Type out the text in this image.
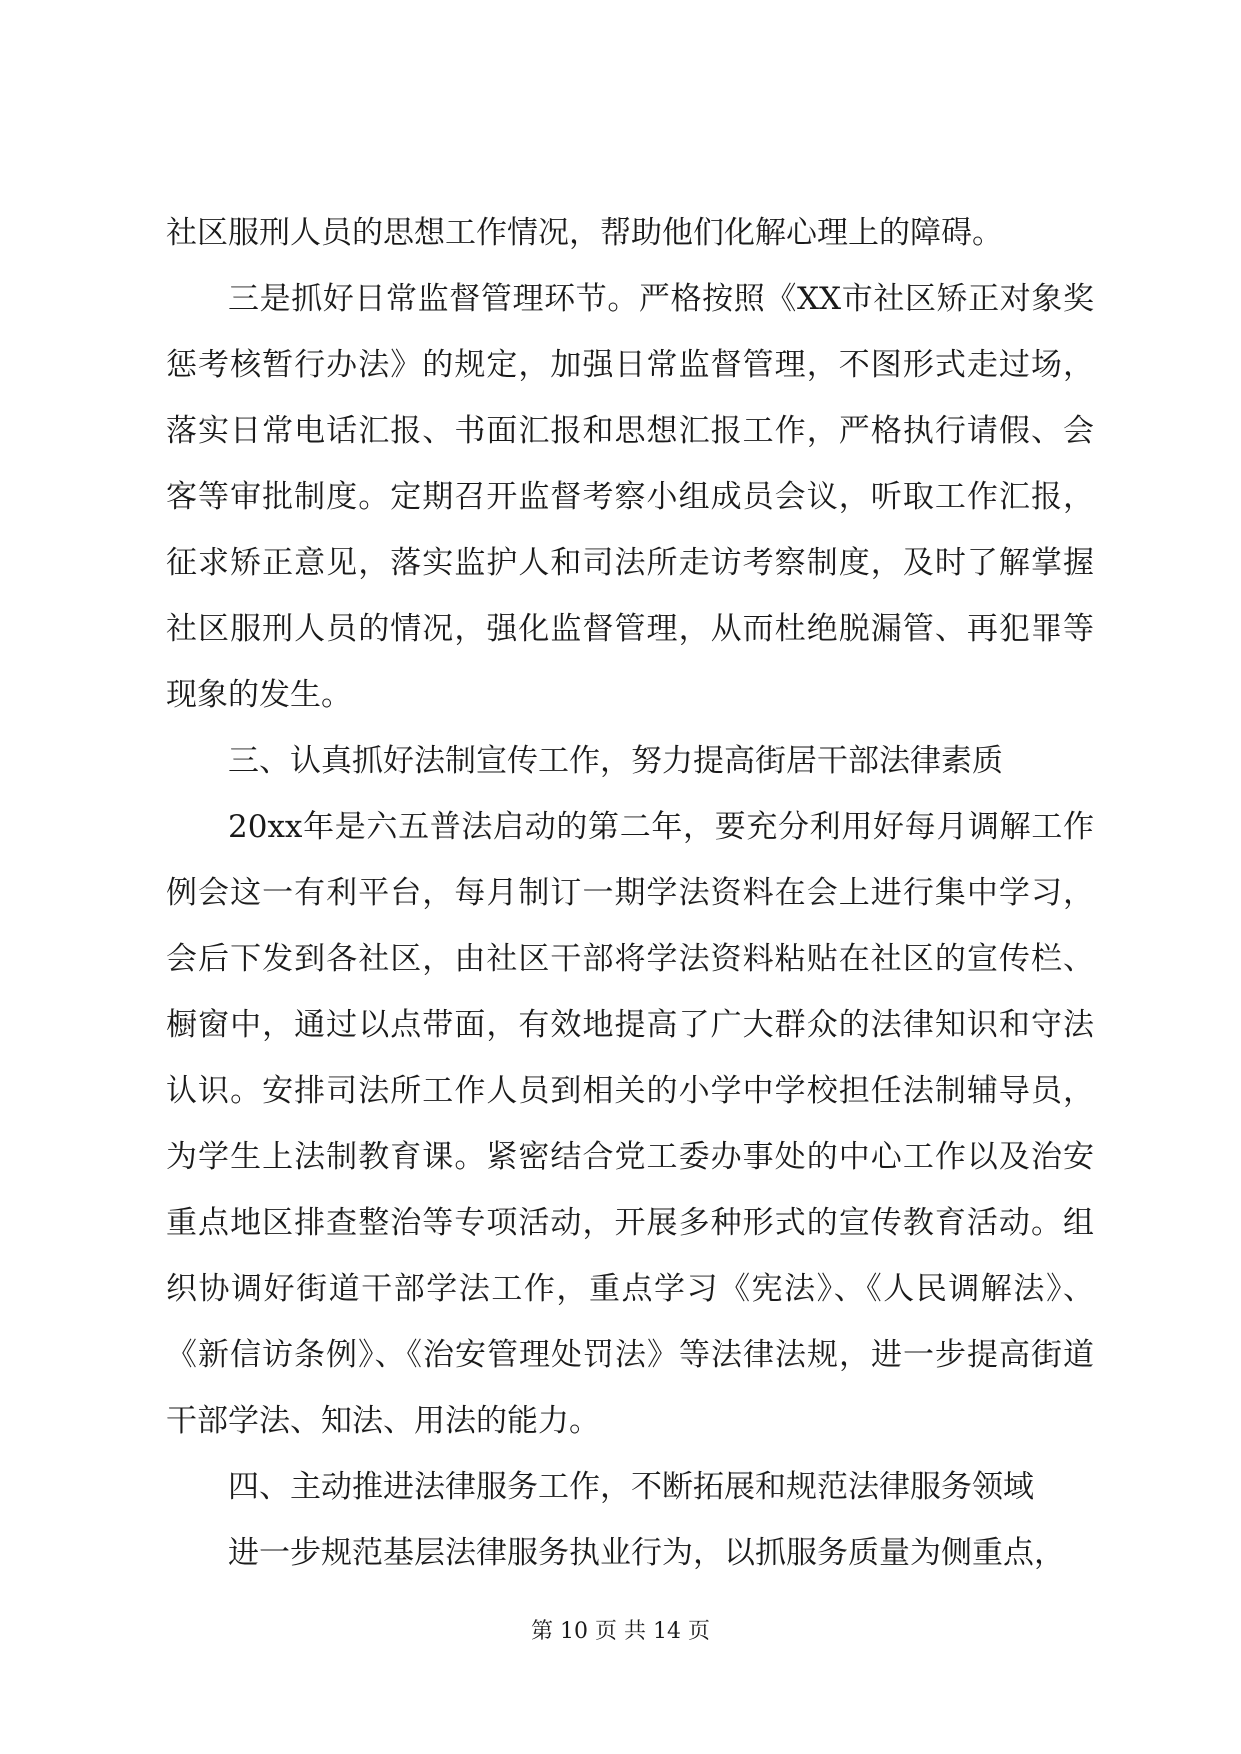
社区服刑人员的思想工作情况，帮助他们化解心理上的障碍。

三是抓好日常监督管理环节。严格按照《XX市社区矫正对象奖惩考核暂行办法》的规定，加强日常监督管理，不图形式走过场，落实日常电话汇报、书面汇报和思想汇报工作，严格执行请假、会客等审批制度。定期召开监督考察小组成员会议，听取工作汇报，征求矫正意见，落实监护人和司法所走访考察制度，及时了解掌握社区服刑人员的情况，强化监督管理，从而杜绝脱漏管、再犯罪等现象的发生。

三、认真抓好法制宣传工作，努力提高街居干部法律素质

20xx年是六五普法启动的第二年，要充分利用好每月调解工作例会这一有利平台，每月制订一期学法资料在会上进行集中学习，会后下发到各社区，由社区干部将学法资料粘贴在社区的宣传栏、橱窗中，通过以点带面，有效地提高了广大群众的法律知识和守法认识。安排司法所工作人员到相关的小学中学校担任法制辅导员，为学生上法制教育课。紧密结合党工委办事处的中心工作以及治安重点地区排查整治等专项活动，开展多种形式的宣传教育活动。组织协调好街道干部学法工作，重点学习《宪法》、《人民调解法》、《新信访条例》、《治安管理处罚法》等法律法规，进一步提高街道干部学法、知法、用法的能力。

四、主动推进法律服务工作，不断拓展和规范法律服务领域

进一步规范基层法律服务执业行为，以抓服务质量为侧重点，

第 10 页 共 14 页
